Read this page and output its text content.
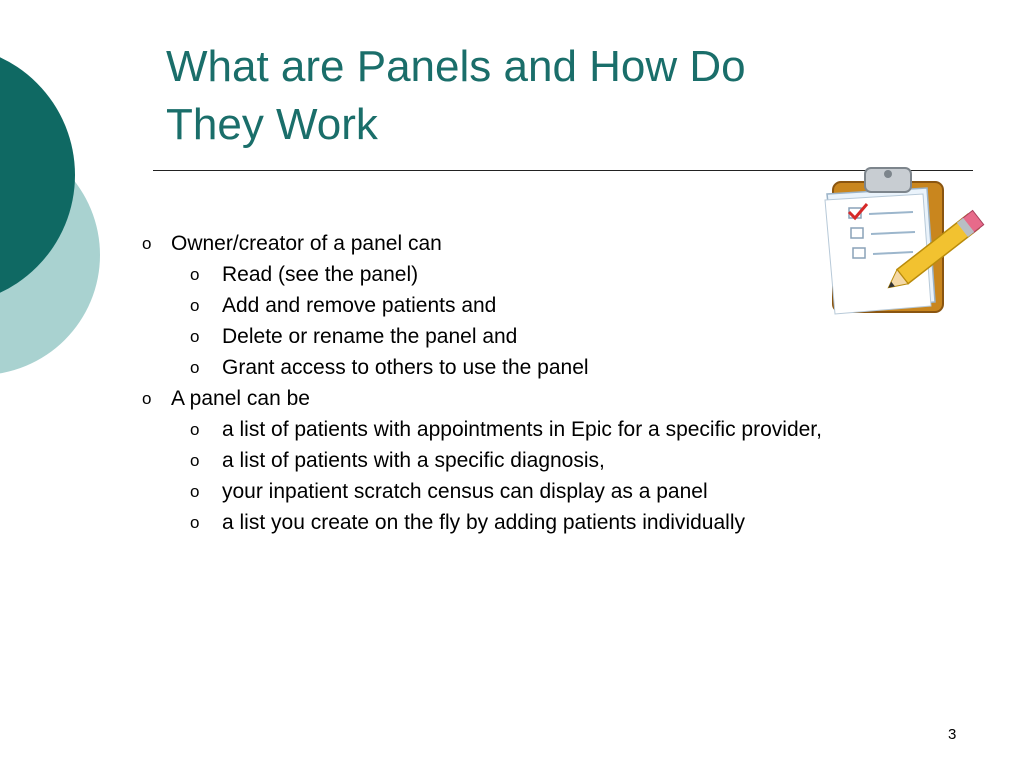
What are Panels and How Do
They Work
o Owner/creator of a panel can
o Read (see the panel)
o Add and remove patients and
o Delete or rename the panel and
o Grant access to others to use the panel
o A panel can be
o a list of patients with appointments in Epic for a specific provider,
o a list of patients with a specific diagnosis,
o your inpatient scratch census can display as a panel
o a list you create on the fly by adding patients individually
3
